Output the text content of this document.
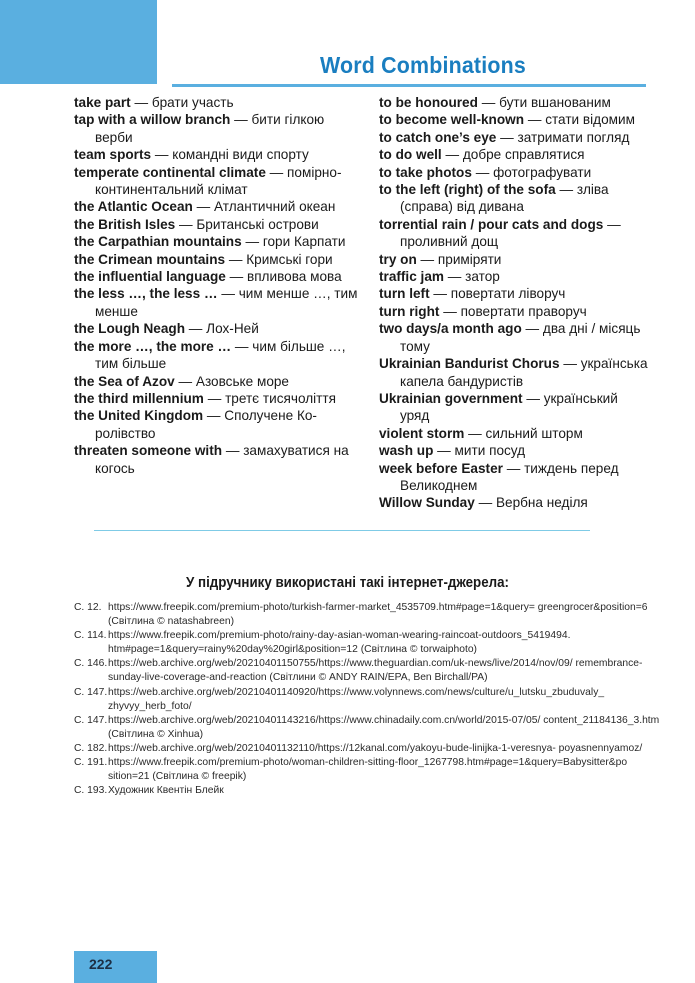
Word Combinations

take part — брати участь

tap with a willow branch — бити гілкою верби

team sports — командні види спорту

temperate continental climate — помірно-континентальний клімат

the Atlantic Ocean — Атлантичний океан

the British Isles — Британські острови

the Carpathian mountains — гори Карпати

the Crimean mountains — Кримські гори

the influential language — впливова мова

the less …, the less … — чим менше …, тим менше

the Lough Neagh — Лох-Ней

the more …, the more … — чим більше …, тим більше

the Sea of Azov — Азовське море

the third millennium — третє тисячоліття

the United Kingdom — Сполучене Ко-ролівство

threaten someone with — замахуватися на когось

to be honoured — бути вшанованим

to become well-known — стати відомим

to catch one’s eye — затримати погляд

to do well — добре справлятися

to take photos — фотографувати

to the left (right) of the sofa — зліва (справа) від дивана

torrential rain / pour cats and dogs — проливний дощ

try on — приміряти

traffic jam — затор

turn left — повертати ліворуч

turn right — повертати праворуч

two days/a month ago — два дні / місяць тому

Ukrainian Bandurist Chorus — українська капела бандуристів

Ukrainian government — український уряд

violent storm — сильний шторм

wash up — мити посуд

week before Easter — тиждень перед Великоднем

Willow Sunday — Вербна неділя

У підручнику використані такі інтернет-джерела:

С. 12. https://www.freepik.com/premium-photo/turkish-farmer-market_4535709.htm#page=1&query= greengrocer&position=6 (Світлина © natashabreen)

С. 114. https://www.freepik.com/premium-photo/rainy-day-asian-woman-wearing-raincoat-outdoors_5419494. htm#page=1&query=rainy%20day%20girl&position=12 (Світлина © torwaiphoto)

С. 146. https://web.archive.org/web/20210401150755/https://www.theguardian.com/uk-news/live/2014/nov/09/ remembrance-sunday-live-coverage-and-reaction (Світлини © ANDY RAIN/EPA, Ben Birchall/PA)

С. 147. https://web.archive.org/web/20210401140920/https://www.volynnews.com/news/culture/u_lutsku_zbuduvaly_ zhyvyy_herb_foto/

С. 147. https://web.archive.org/web/20210401143216/https://www.chinadaily.com.cn/world/2015-07/05/ content_21184136_3.htm (Світлина © Xinhua)

С. 182. https://web.archive.org/web/20210401132110/https://12kanal.com/yakoyu-bude-linijka-1-veresnya- poyasnennyamoz/

С. 191. https://www.freepik.com/premium-photo/woman-children-sitting-floor_1267798.htm#page=1&query=Babysitter&po sition=21 (Світлина © freepik)

С. 193. Художник Квентін Блейк

222
